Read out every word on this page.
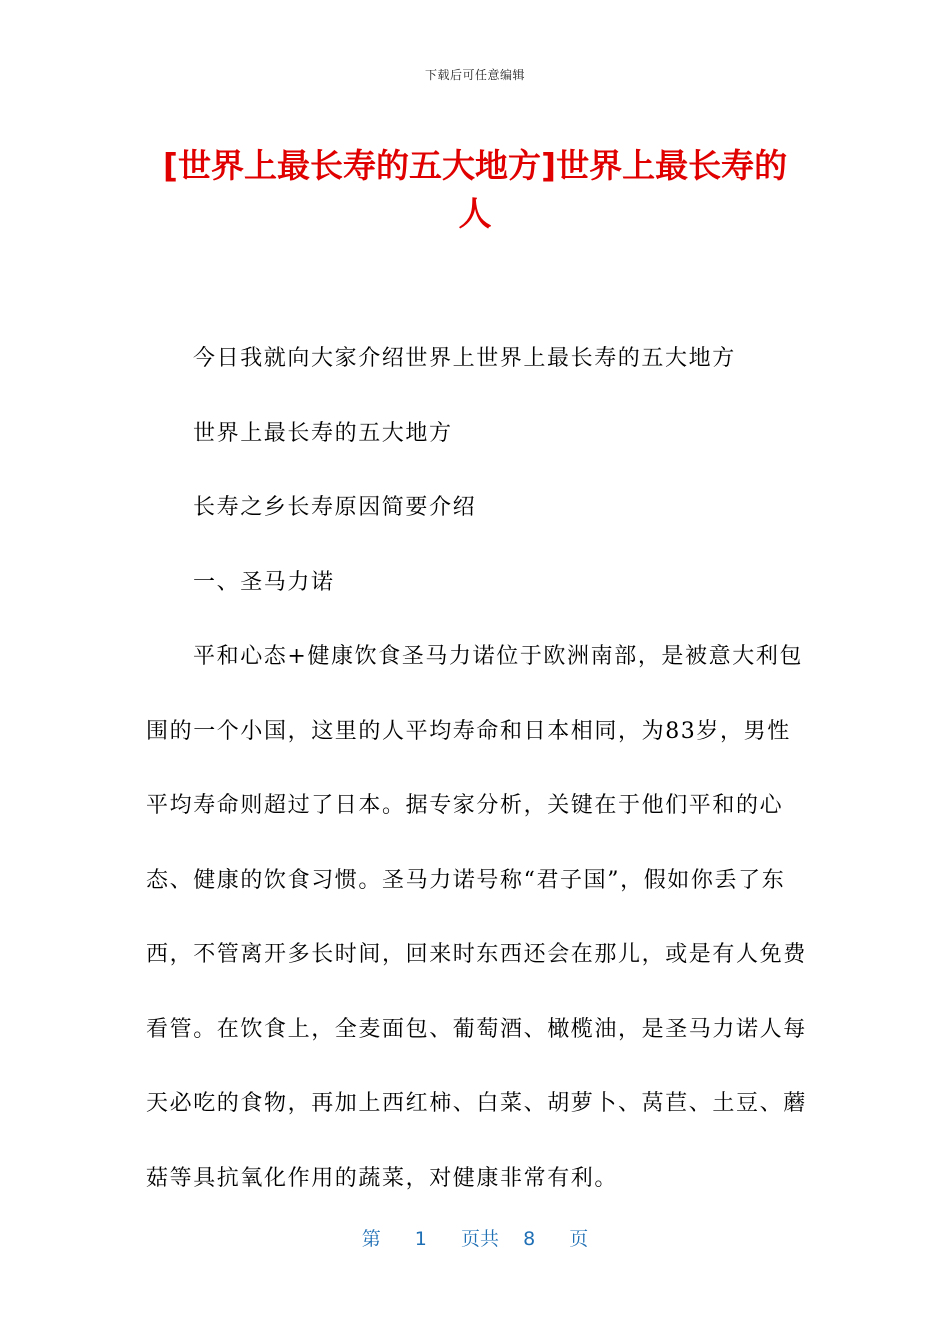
下载后可任意编辑
[世界上最长寿的五大地方]世界上最长寿的人

今日我就向大家介绍世界上世界上最长寿的五大地方

世界上最长寿的五大地方

长寿之乡长寿原因简要介绍

一、圣马力诺

平和心态+健康饮食圣马力诺位于欧洲南部，是被意大利包围的一个小国，这里的人平均寿命和日本相同，为83岁，男性平均寿命则超过了日本。据专家分析，关键在于他们平和的心态、健康的饮食习惯。圣马力诺号称“君子国”，假如你丢了东西，不管离开多长时间，回来时东西还会在那儿，或是有人免费看管。在饮食上，全麦面包、葡萄酒、橄榄油，是圣马力诺人每天必吃的食物，再加上西红柿、白菜、胡萝卜、莴苣、土豆、蘑菇等具抗氧化作用的蔬菜，对健康非常有利。

第 1 页共 8 页
